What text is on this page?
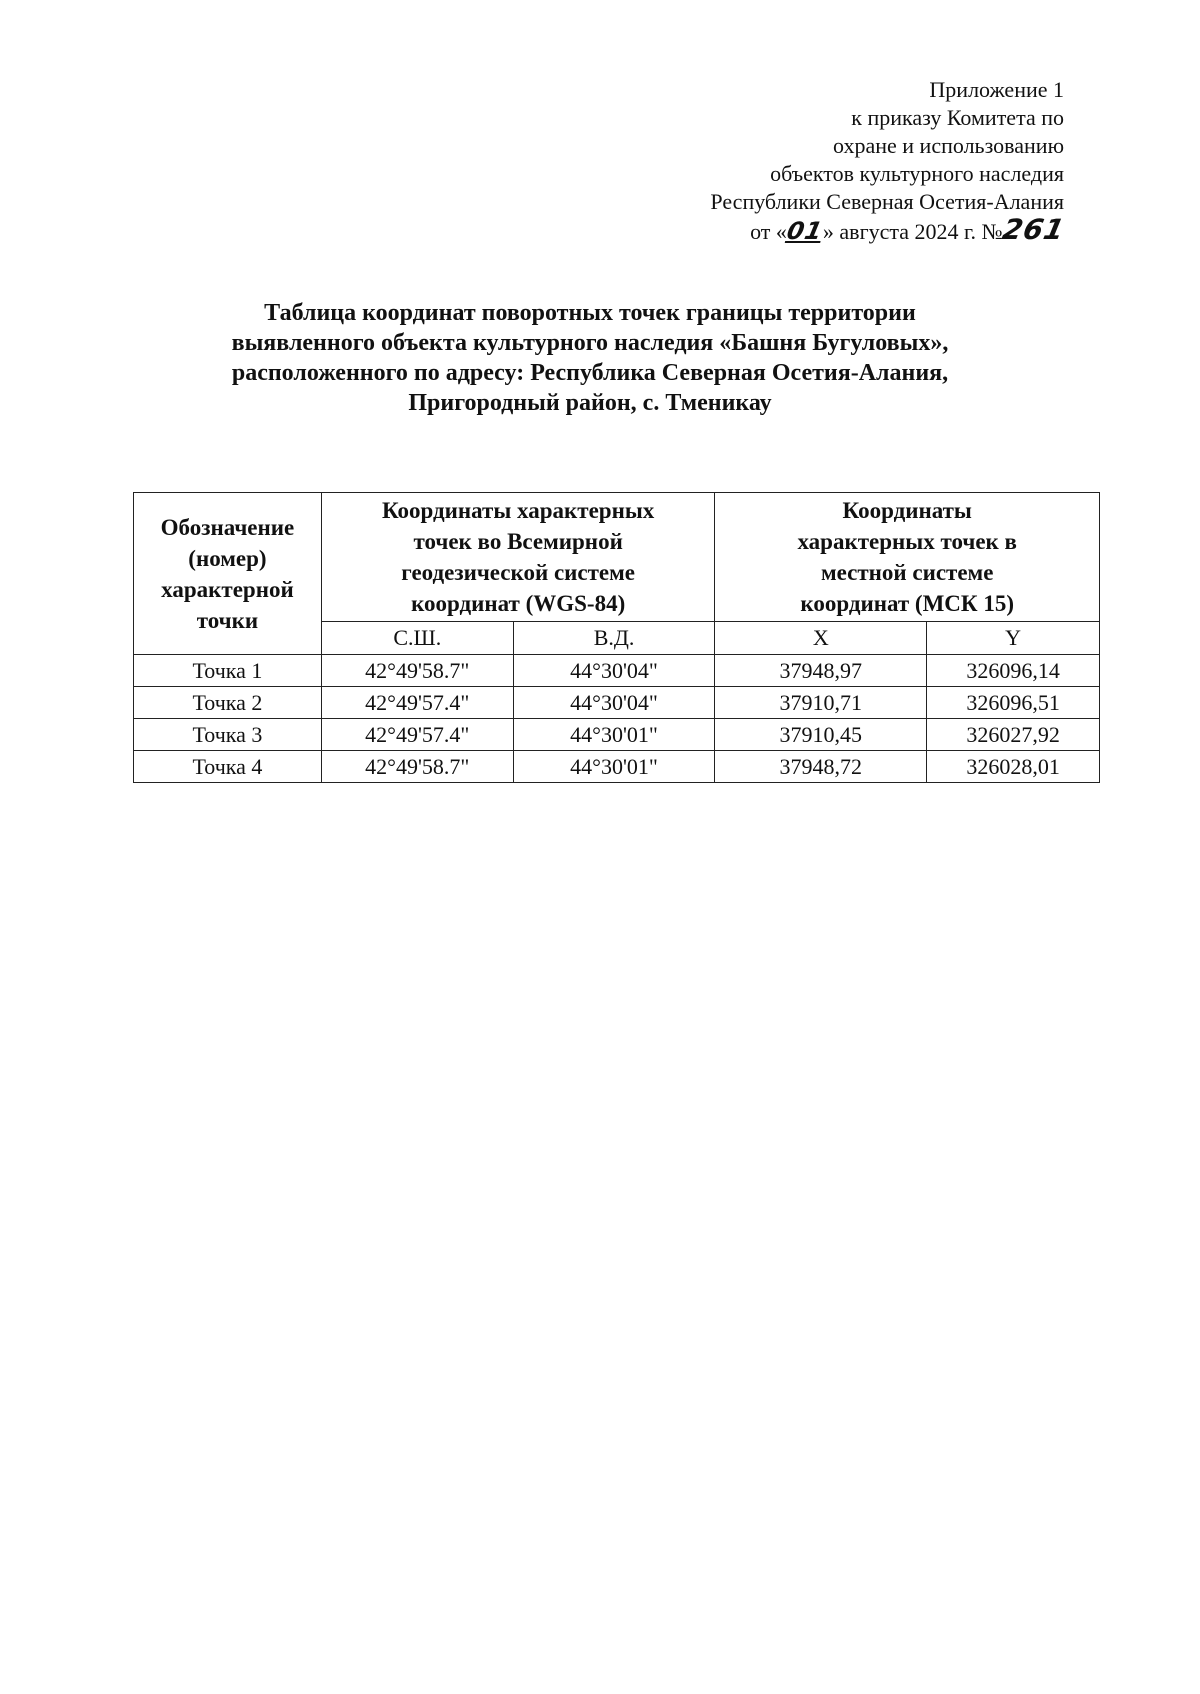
Приложение 1
к приказу Комитета по
охране и использованию
объектов культурного наследия
Республики Северная Осетия-Алания
от «01» августа 2024 г. №261
Таблица координат поворотных точек границы территории
выявленного объекта культурного наследия «Башня Бугуловых»,
расположенного по адресу: Республика Северная Осетия-Алания,
Пригородный район, с. Тменикау
Обозначение
(номер)
характерной
точки	Координаты характерных
точек во Всемирной
геодезической системе
координат (WGS-84)		Координаты
характерных точек в
местной системе
координат (МСК 15)	

	С.Ш.	В.Д.	X	Y
Точка 1	42°49'58.7"	44°30'04"	37948,97	326096,14
Точка 2	42°49'57.4"	44°30'04"	37910,71	326096,51
Точка 3	42°49'57.4"	44°30'01"	37910,45	326027,92
Точка 4	42°49'58.7"	44°30'01"	37948,72	326028,01
